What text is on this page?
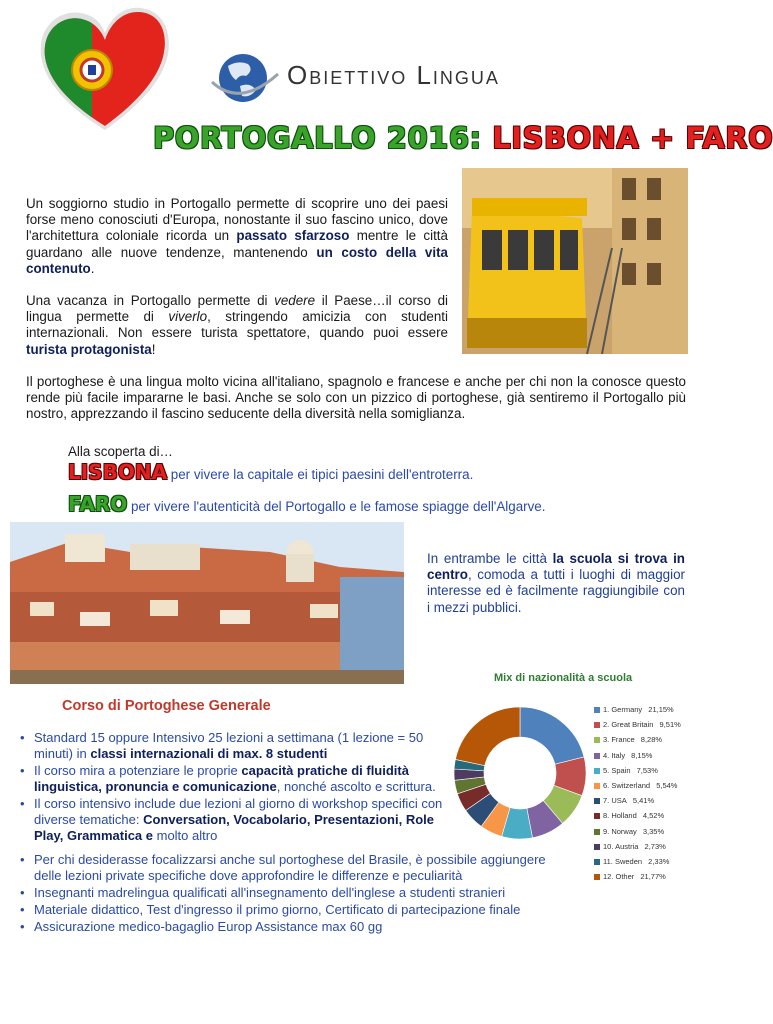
Obiettivo Lingua
PORTOGALLO 2016: LISBONA + FARO

Un soggiorno studio in Portogallo permette di scoprire uno dei paesi forse meno conosciuti d'Europa, nonostante il suo fascino unico, dove l'architettura coloniale ricorda un passato sfarzoso mentre le città guardano alle nuove tendenze, mantenendo un costo della vita contenuto.

Una vacanza in Portogallo permette di vedere il Paese…il corso di lingua permette di viverlo, stringendo amicizia con studenti internazionali. Non essere turista spettatore, quando puoi essere turista protagonista!

Il portoghese è una lingua molto vicina all'italiano, spagnolo e francese e anche per chi non la conosce questo rende più facile impararne le basi. Anche se solo con un pizzico di portoghese, già sentiremo il Portogallo più nostro, apprezzando il fascino seducente della diversità nella somiglianza.

Alla scoperta di…
LISBONA per vivere la capitale ei tipici paesini dell'entroterra.
FARO per vivere l'autenticità del Portogallo e le famose spiagge dell'Algarve.

In entrambe le città la scuola si trova in centro, comoda a tutti i luoghi di maggior interesse ed è facilmente raggiungibile con i mezzi pubblici.

Mix di nazionalità a scuola
1. Germany 21,15%
2. Great Britain 9,51%
3. France 8,28%
4. Italy 8,15%
5. Spain 7,53%
6. Switzerland 5,54%
7. USA 5,41%
8. Holland 4,52%
9. Norway 3,35%
10. Austria 2,73%
11. Sweden 2,33%
12. Other 21,77%
Corso di Portoghese Generale
• Standard 15 oppure Intensivo 25 lezioni a settimana (1 lezione = 50 minuti) in classi internazionali di max. 8 studenti
• Il corso mira a potenziare le proprie capacità pratiche di fluidità linguistica, pronuncia e comunicazione, nonché ascolto e scrittura.
• Il corso intensivo include due lezioni al giorno di workshop specifici con diverse tematiche: Conversation, Vocabolario, Presentazioni, Role Play, Grammatica e molto altro
• Per chi desiderasse focalizzarsi anche sul portoghese del Brasile, è possibile aggiungere delle lezioni private specifiche dove approfondire le differenze e peculiarità
• Insegnanti madrelingua qualificati all'insegnamento dell'inglese a studenti stranieri
• Materiale didattico, Test d'ingresso il primo giorno, Certificato di partecipazione finale
• Assicurazione medico-bagaglio Europ Assistance max 60 gg
